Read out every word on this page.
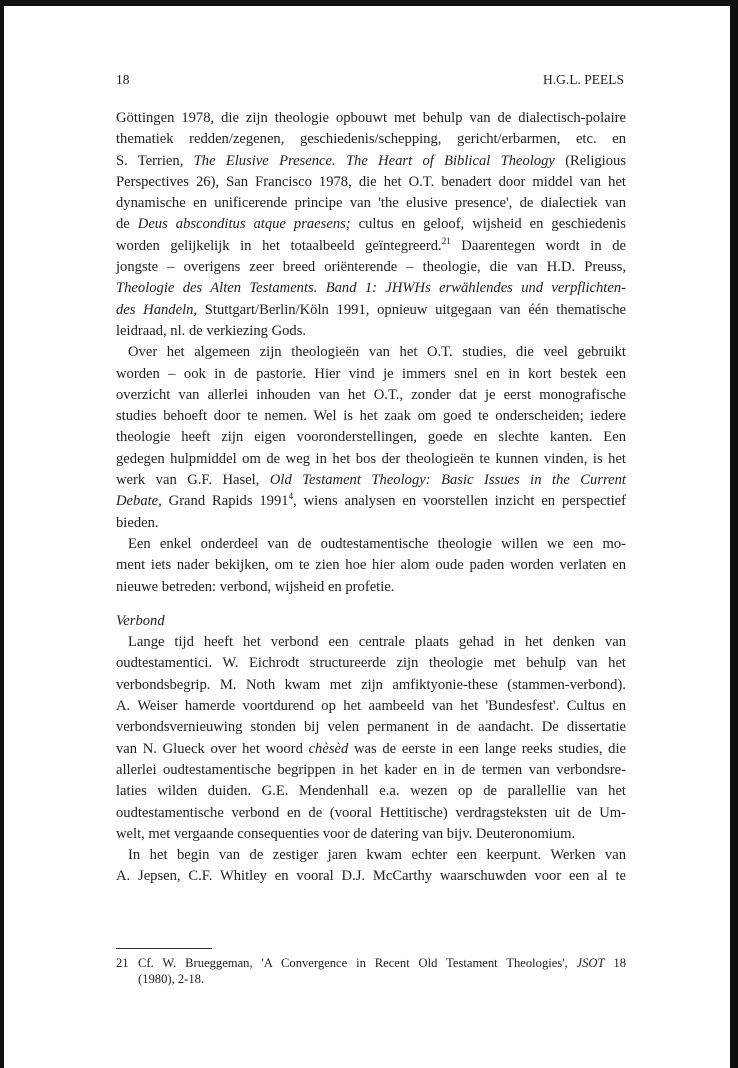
18	H.G.L. PEELS

Göttingen 1978, die zijn theologie opbouwt met behulp van de dialectisch-polaire
thematiek redden/zegenen, geschiedenis/schepping, gericht/erbarmen, etc. en
S. Terrien, The Elusive Presence. The Heart of Biblical Theology (Religious
Perspectives 26), San Francisco 1978, die het O.T. benadert door middel van het
dynamische en unificerende principe van 'the elusive presence', de dialectiek van
de Deus absconditus atque praesens; cultus en geloof, wijsheid en geschiedenis
worden gelijkelijk in het totaalbeeld geïntegreerd.$^{21}$ Daarentegen wordt in de
jongste – overigens zeer breed oriënterende – theologie, die van H.D. Preuss,
Theologie des Alten Testaments. Band 1: JHWHs erwählendes und verpflichten-
des Handeln, Stuttgart/Berlin/Köln 1991, opnieuw uitgegaan van één thematische
leidraad, nl. de verkiezing Gods.

Over het algemeen zijn theologieën van het O.T. studies, die veel gebruikt
worden – ook in de pastorie. Hier vind je immers snel en in kort bestek een
overzicht van allerlei inhouden van het O.T., zonder dat je eerst monografische
studies behoeft door te nemen. Wel is het zaak om goed te onderscheiden; iedere
theologie heeft zijn eigen vooronderstellingen, goede en slechte kanten. Een
gedegen hulpmiddel om de weg in het bos der theologieën te kunnen vinden, is het
werk van G.F. Hasel, Old Testament Theology: Basic Issues in the Current
Debate, Grand Rapids 1991$^4$, wiens analysen en voorstellen inzicht en perspectief
bieden.

Een enkel onderdeel van de oudtestamentische theologie willen we een mo-
ment iets nader bekijken, om te zien hoe hier alom oude paden worden verlaten en
nieuwe betreden: verbond, wijsheid en profetie.

Verbond

Lange tijd heeft het verbond een centrale plaats gehad in het denken van
oudtestamentici. W. Eichrodt structureerde zijn theologie met behulp van het
verbondsbegrip. M. Noth kwam met zijn amfiktyonie-these (stammen-verbond).
A. Weiser hamerde voortdurend op het aambeeld van het 'Bundesfest'. Cultus en
verbondsvernieuwing stonden bij velen permanent in de aandacht. De dissertatie
van N. Glueck over het woord chèsèd was de eerste in een lange reeks studies, die
allerlei oudtestamentische begrippen in het kader en in de termen van verbondsre-
laties wilden duiden. G.E. Mendenhall e.a. wezen op de parallellie van het
oudtestamentische verbond en de (vooral Hettitische) verdragsteksten uit de Um-
welt, met vergaande consequenties voor de datering van bijv. Deuteronomium.

In het begin van de zestiger jaren kwam echter een keerpunt. Werken van
A. Jepsen, C.F. Whitley en vooral D.J. McCarthy waarschuwden voor een al te

21 Cf. W. Brueggeman, 'A Convergence in Recent Old Testament Theologies', JSOT 18
(1980), 2-18.
